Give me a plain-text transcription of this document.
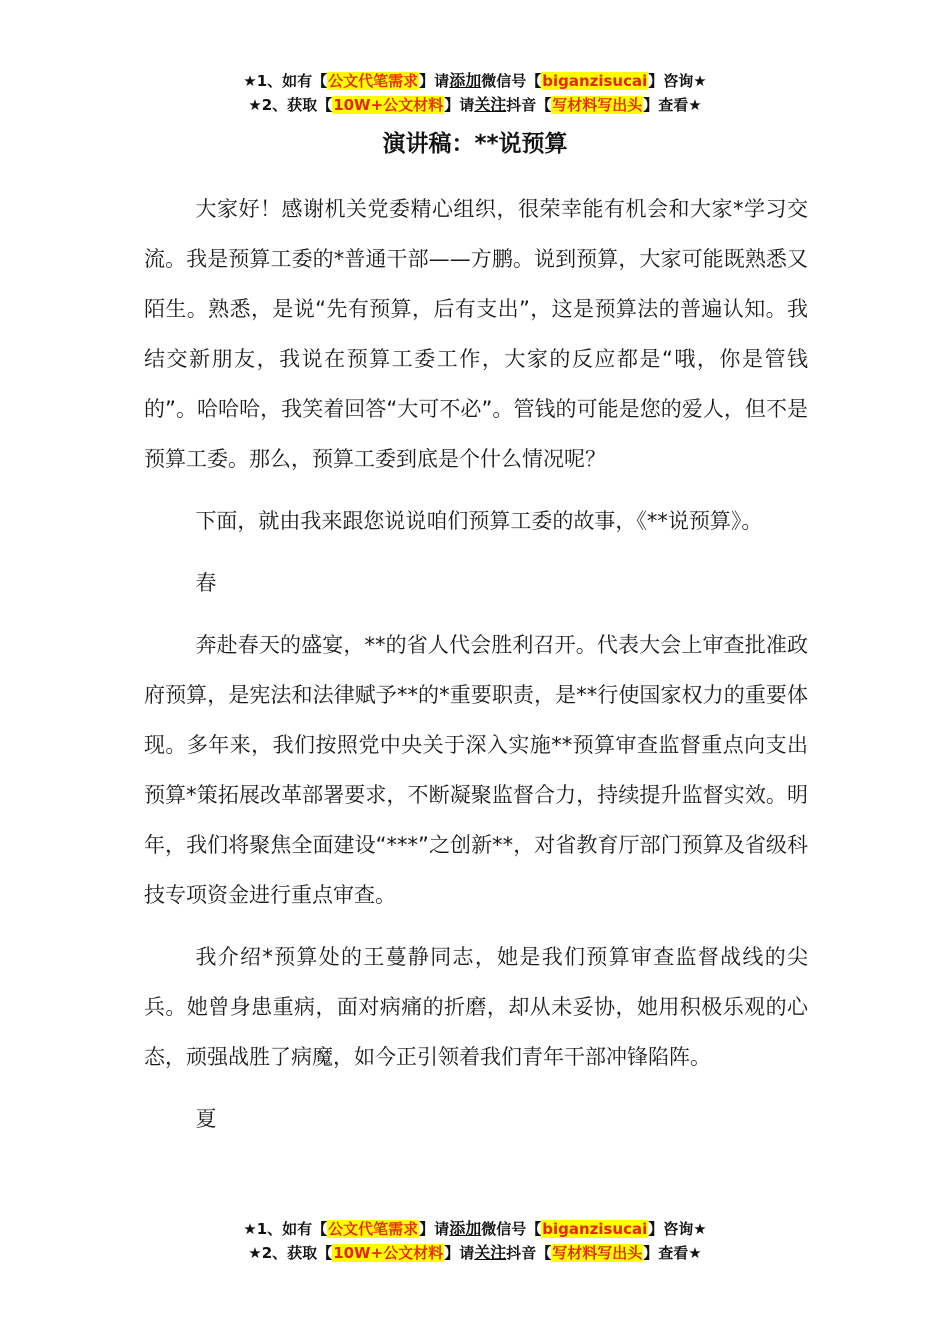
★1、如有【公文代笔需求】请添加微信号【biganzisucai】咨询★
★2、获取【10W+公文材料】请关注抖音【写材料写出头】查看★
演讲稿：**说预算

大家好！感谢机关党委精心组织，很荣幸能有机会和大家*学习交流。我是预算工委的*普通干部——方鹏。说到预算，大家可能既熟悉又陌生。熟悉，是说“先有预算，后有支出”，这是预算法的普遍认知。我结交新朋友，我说在预算工委工作，大家的反应都是“哦，你是管钱的”。哈哈哈，我笑着回答“大可不必”。管钱的可能是您的爱人，但不是预算工委。那么，预算工委到底是个什么情况呢？

下面，就由我来跟您说说咱们预算工委的故事，《**说预算》。

春

奔赴春天的盛宴，**的省人代会胜利召开。代表大会上审查批准政府预算，是宪法和法律赋予**的*重要职责，是**行使国家权力的重要体现。多年来，我们按照党中央关于深入实施**预算审查监督重点向支出预算*策拓展改革部署要求，不断凝聚监督合力，持续提升监督实效。明年，我们将聚焦全面建设“***”之创新**，对省教育厅部门预算及省级科技专项资金进行重点审查。

我介绍*预算处的王蔓静同志，她是我们预算审查监督战线的尖兵。她曾身患重病，面对病痛的折磨，却从未妥协，她用积极乐观的心态，顽强战胜了病魔，如今正引领着我们青年干部冲锋陷阵。

夏

★1、如有【公文代笔需求】请添加微信号【biganzisucai】咨询★
★2、获取【10W+公文材料】请关注抖音【写材料写出头】查看★
